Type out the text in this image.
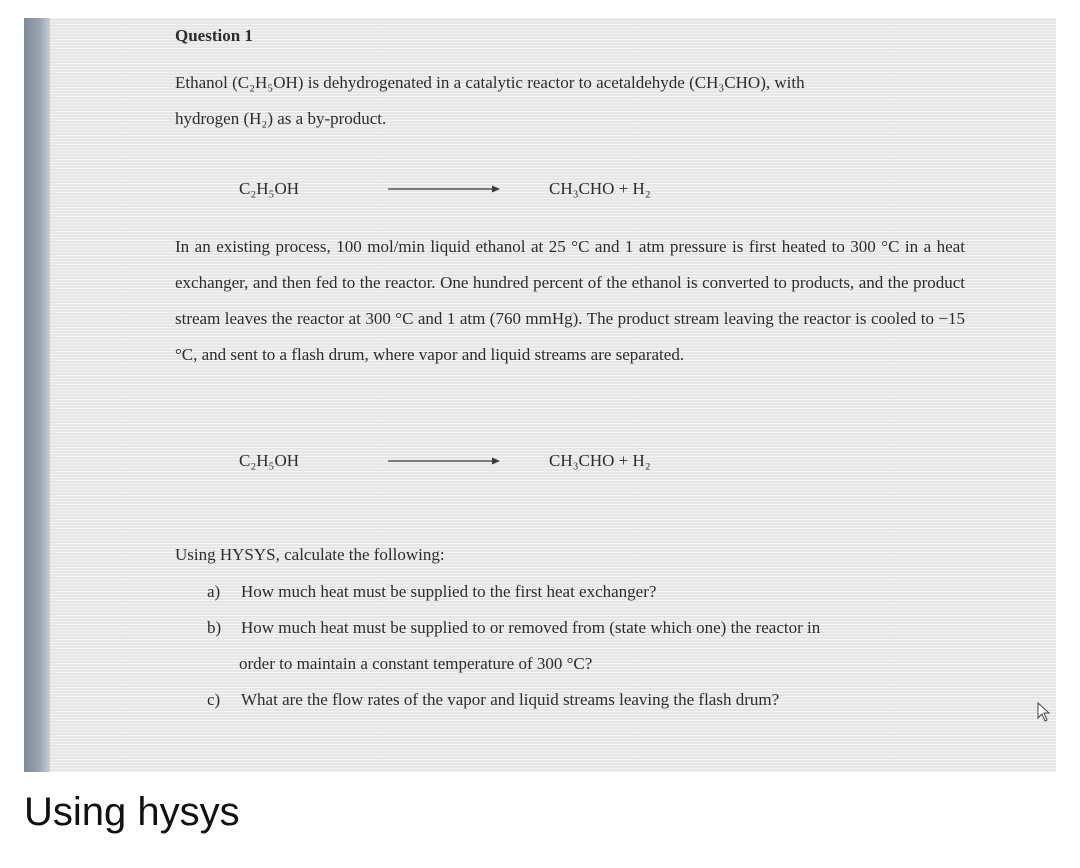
Question 1
Ethanol (C₂H₅OH) is dehydrogenated in a catalytic reactor to acetaldehyde (CH₃CHO), with
hydrogen (H₂) as a by-product.
C₂H₅OH	CH₃CHO + H₂
In an existing process, 100 mol/min liquid ethanol at 25 °C and 1 atm pressure is first heated to 300 °C in a heat exchanger, and then fed to the reactor. One hundred percent of the ethanol is converted to products, and the product stream leaves the reactor at 300 °C and 1 atm (760 mmHg). The product stream leaving the reactor is cooled to −15 °C, and sent to a flash drum, where vapor and liquid streams are separated.
C₂H₅OH	CH₃CHO + H₂
Using HYSYS, calculate the following:
a) How much heat must be supplied to the first heat exchanger?
b) How much heat must be supplied to or removed from (state which one) the reactor in
order to maintain a constant temperature of 300 °C?
c) What are the flow rates of the vapor and liquid streams leaving the flash drum?
Using hysys
